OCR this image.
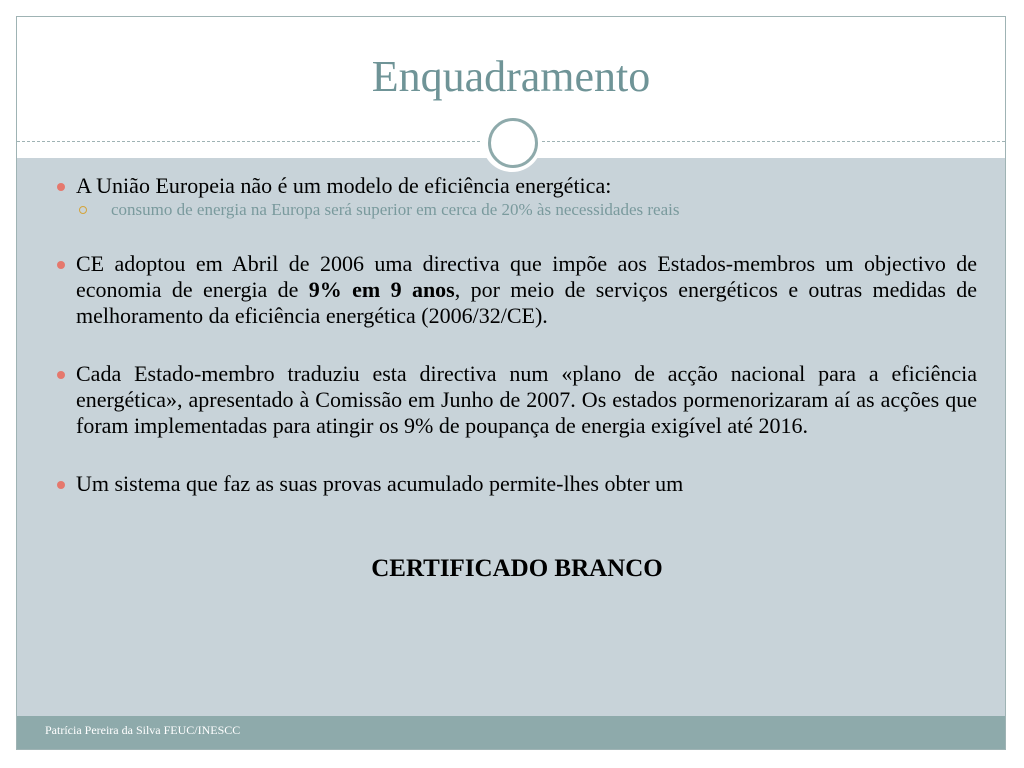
Enquadramento
A União Europeia não é um modelo de eficiência energética:
consumo de energia na Europa será superior em cerca de 20% às necessidades reais
CE adoptou em Abril de 2006 uma directiva que impõe aos Estados-membros um objectivo de economia de energia de 9% em 9 anos, por meio de serviços energéticos e outras medidas de melhoramento da eficiência energética (2006/32/CE).
Cada Estado-membro traduziu esta directiva num «plano de acção nacional para a eficiência energética», apresentado à Comissão em Junho de 2007. Os estados pormenorizaram aí as acções que foram implementadas para atingir os 9% de poupança de energia exigível até 2016.
Um sistema que faz as suas provas acumulado permite-lhes obter um
CERTIFICADO BRANCO
Patrícia Pereira da Silva FEUC/INESCC
